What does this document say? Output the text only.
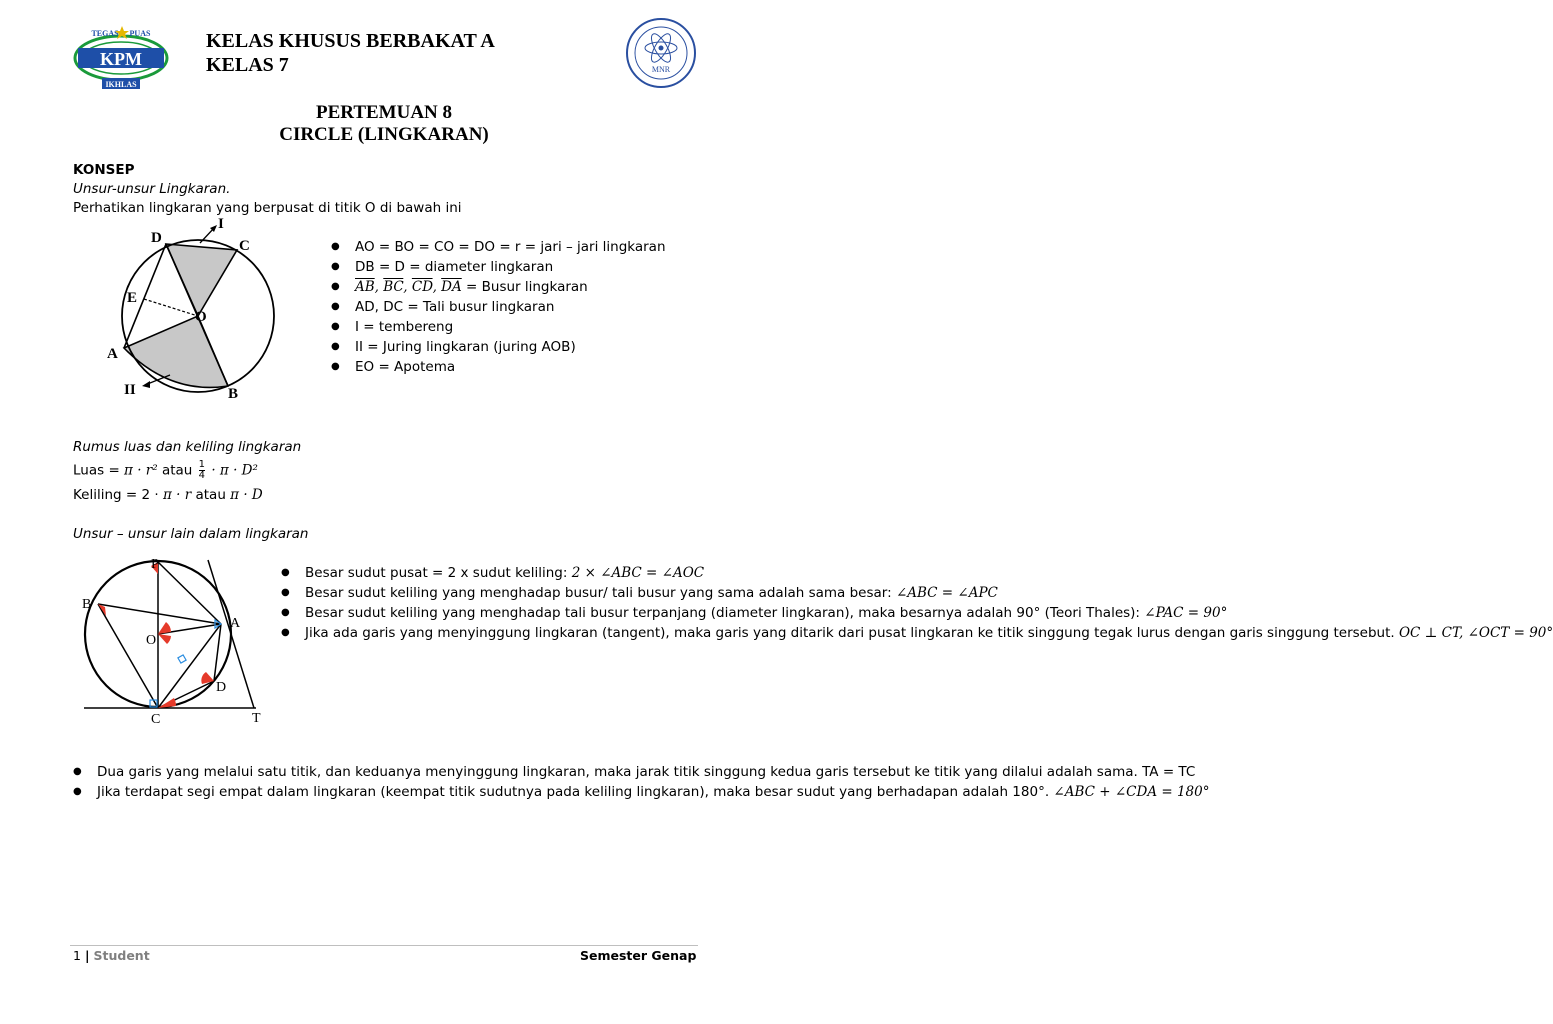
KPM
TEGAS PUAS
IKHLAS
KELAS KHUSUS BERBAKAT A
KELAS 7	MNR
PERTEMUAN 8
CIRCLE (LINGKARAN)
KONSEP
Unsur-unsur Lingkaran.
Perhatikan lingkaran yang berpusat di titik O di bawah ini
D	C
I
E
O
A
II	B
● AO = BO = CO = DO = r = jari – jari lingkaran
● DB = D = diameter lingkaran
● $\overline{AB}$, $\overline{BC}$, $\overline{CD}$, $\overline{DA}$ = Busur lingkaran
● AD, DC = Tali busur lingkaran
● I = tembereng
● II = Juring lingkaran (juring AOB)
● EO = Apotema
Rumus luas dan keliling lingkaran
Luas = π · r² atau $\frac{1}{4} \cdot \pi \cdot D^2$
Keliling = 2 · π · r atau π · D
Unsur – unsur lain dalam lingkaran
P
B
O
A
D
C	T
● Besar sudut pusat = 2 x sudut keliling: 2 × ∠ABC = ∠AOC
● Besar sudut keliling yang menghadap busur/ tali busur yang sama adalah sama besar: ∠ABC = ∠APC
● Besar sudut keliling yang menghadap tali busur terpanjang (diameter lingkaran), maka besarnya adalah 90° (Teori Thales): ∠PAC = 90°
● Jika ada garis yang menyinggung lingkaran (tangent), maka garis yang ditarik dari pusat lingkaran ke titik singgung tegak lurus dengan garis singgung tersebut. OC ⊥ CT, ∠OCT = 90°
● Dua garis yang melalui satu titik, dan keduanya menyinggung lingkaran, maka jarak titik singgung kedua garis tersebut ke titik yang dilalui adalah sama. TA = TC
● Jika terdapat segi empat dalam lingkaran (keempat titik sudutnya pada keliling lingkaran), maka besar sudut yang berhadapan adalah 180°. ∠ABC + ∠CDA = 180°
1 | Student	Semester Genap
